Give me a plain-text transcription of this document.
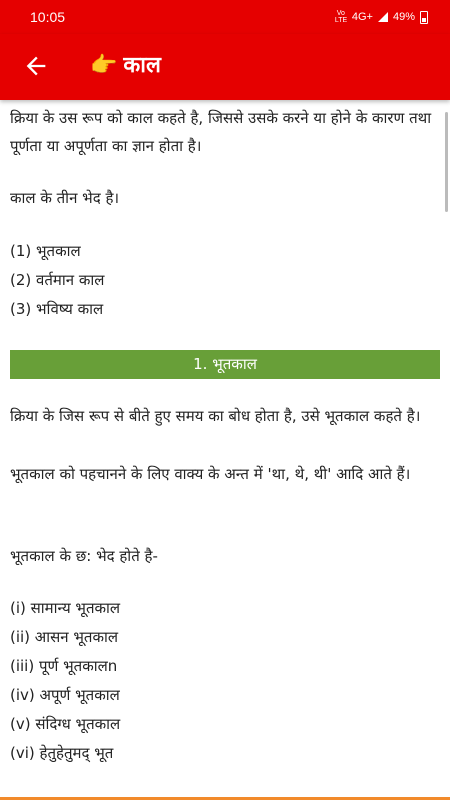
10:05	Vo LTE 4G+ 49%
👉 काल

क्रिया के उस रूप को काल कहते है, जिससे उसके करने या होने के कारण तथा पूर्णता या अपूर्णता का ज्ञान होता है।

काल के तीन भेद है।
(1) भूतकाल
(2) वर्तमान काल
(3) भविष्य काल
1. भूतकाल

क्रिया के जिस रूप से बीते हुए समय का बोध होता है, उसे भूतकाल कहते है।

भूतकाल को पहचानने के लिए वाक्य के अन्त में 'था, थे, थी' आदि आते हैं।

भूतकाल के छ: भेद होते है-
(i) सामान्य भूतकाल
(ii) आसन भूतकाल
(iii) पूर्ण भूतकालn
(iv) अपूर्ण भूतकाल
(v) संदिग्ध भूतकाल
(vi) हेतुहेतुमद् भूत
